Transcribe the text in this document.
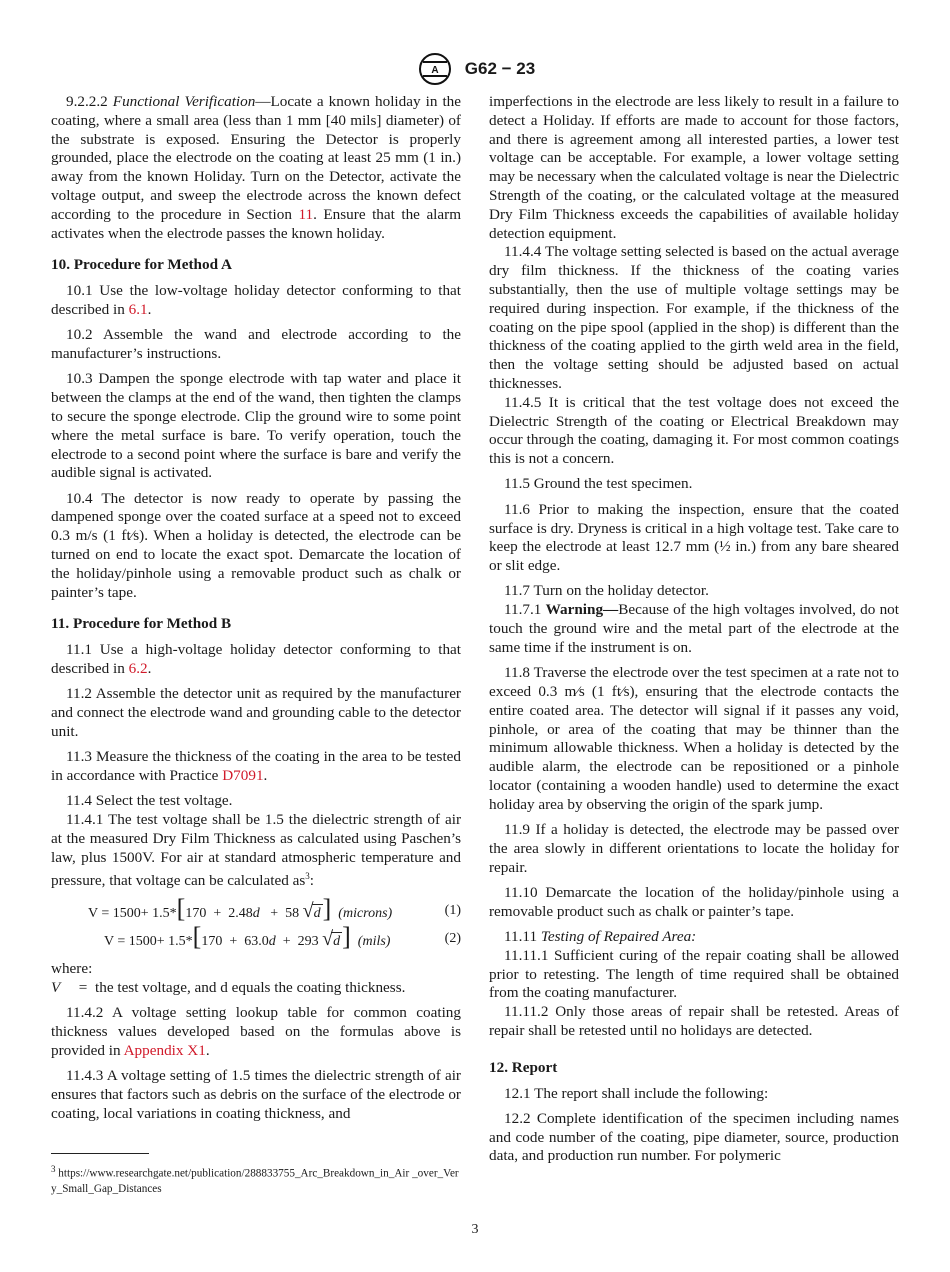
A G62 − 23

9.2.2.2 Functional Verification—Locate a known holiday in the coating, where a small area (less than 1 mm [40 mils] diameter) of the substrate is exposed. Ensuring the Detector is properly grounded, place the electrode on the coating at least 25 mm (1 in.) away from the known Holiday. Turn on the Detector, activate the voltage output, and sweep the electrode across the known defect according to the procedure in Section 11. Ensure that the alarm activates when the electrode passes the known holiday.

10. Procedure for Method A

10.1 Use the low-voltage holiday detector conforming to that described in 6.1.

10.2 Assemble the wand and electrode according to the manufacturer’s instructions.

10.3 Dampen the sponge electrode with tap water and place it between the clamps at the end of the wand, then tighten the clamps to secure the sponge electrode. Clip the ground wire to some point where the metal surface is bare. To verify operation, touch the electrode to a second point where the surface is bare and verify the audible signal is activated.

10.4 The detector is now ready to operate by passing the dampened sponge over the coated surface at a speed not to exceed 0.3 m/s (1 ft⁄s). When a holiday is detected, the electrode can be turned on end to locate the exact spot. Demarcate the location of the holiday/pinhole using a removable product such as chalk or painter’s tape.

11. Procedure for Method B

11.1 Use a high-voltage holiday detector conforming to that described in 6.2.

11.2 Assemble the detector unit as required by the manufacturer and connect the electrode wand and grounding cable to the detector unit.

11.3 Measure the thickness of the coating in the area to be tested in accordance with Practice D7091.

11.4 Select the test voltage.

11.4.1 The test voltage shall be 1.5 the dielectric strength of air at the measured Dry Film Thickness as calculated using Paschen’s law, plus 1500V. For air at standard atmospheric temperature and pressure, that voltage can be calculated $as^3$:

V = 1500+ 1.5*[170 + 2.48d + 58 √d] (microns)	(1)
V = 1500+ 1.5*[170 + 63.0d + 293 √d] (mils)	(2)

where:

V	= the test voltage, and d equals the coating thickness.

11.4.2 A voltage setting lookup table for common coating thickness values developed based on the formulas above is provided in Appendix X1.

11.4.3 A voltage setting of 1.5 times the dielectric strength of air ensures that factors such as debris on the surface of the electrode or coating, local variations in coating thickness, and

imperfections in the electrode are less likely to result in a failure to detect a Holiday. If efforts are made to account for those factors, and there is agreement among all interested parties, a lower test voltage can be acceptable. For example, a lower voltage setting may be necessary when the calculated voltage is near the Dielectric Strength of the coating, or the calculated voltage at the measured Dry Film Thickness exceeds the capabilities of available holiday detection equipment.

11.4.4 The voltage setting selected is based on the actual average dry film thickness. If the thickness of the coating varies substantially, then the use of multiple voltage settings may be required during inspection. For example, if the thickness of the coating on the pipe spool (applied in the shop) is different than the thickness of the coating applied to the girth weld area in the field, then the voltage setting should be adjusted based on actual thicknesses.

11.4.5 It is critical that the test voltage does not exceed the Dielectric Strength of the coating or Electrical Breakdown may occur through the coating, damaging it. For most common coatings this is not a concern.

11.5 Ground the test specimen.

11.6 Prior to making the inspection, ensure that the coated surface is dry. Dryness is critical in a high voltage test. Take care to keep the electrode at least 12.7 mm (½ in.) from any bare sheared or slit edge.

11.7 Turn on the holiday detector.

11.7.1 Warning—Because of the high voltages involved, do not touch the ground wire and the metal part of the electrode at the same time if the instrument is on.

11.8 Traverse the electrode over the test specimen at a rate not to exceed 0.3 m⁄s (1 ft⁄s), ensuring that the electrode contacts the entire coated area. The detector will signal if it passes any void, pinhole, or area of the coating that may be thinner than the minimum allowable thickness. When a holiday is detected by the audible alarm, the electrode can be repositioned or a pinhole locator (containing a wooden handle) used to determine the exact holiday area by observing the origin of the spark jump.

11.9 If a holiday is detected, the electrode may be passed over the area slowly in different orientations to locate the holiday for repair.

11.10 Demarcate the location of the holiday/pinhole using a removable product such as chalk or painter’s tape.

11.11 Testing of Repaired Area:

11.11.1 Sufficient curing of the repair coating shall be allowed prior to retesting. The length of time required shall be obtained from the coating manufacturer.

11.11.2 Only those areas of repair shall be retested. Areas of repair shall be retested until no holidays are detected.

12. Report

12.1 The report shall include the following:

12.2 Complete identification of the specimen including names and code number of the coating, pipe diameter, source, production data, and production run number. For polymeric

$^3$ https://www.researchgate.net/publication/288833755_Arc_Breakdown_in_Air _over_Very_Small_Gap_Distances
3
